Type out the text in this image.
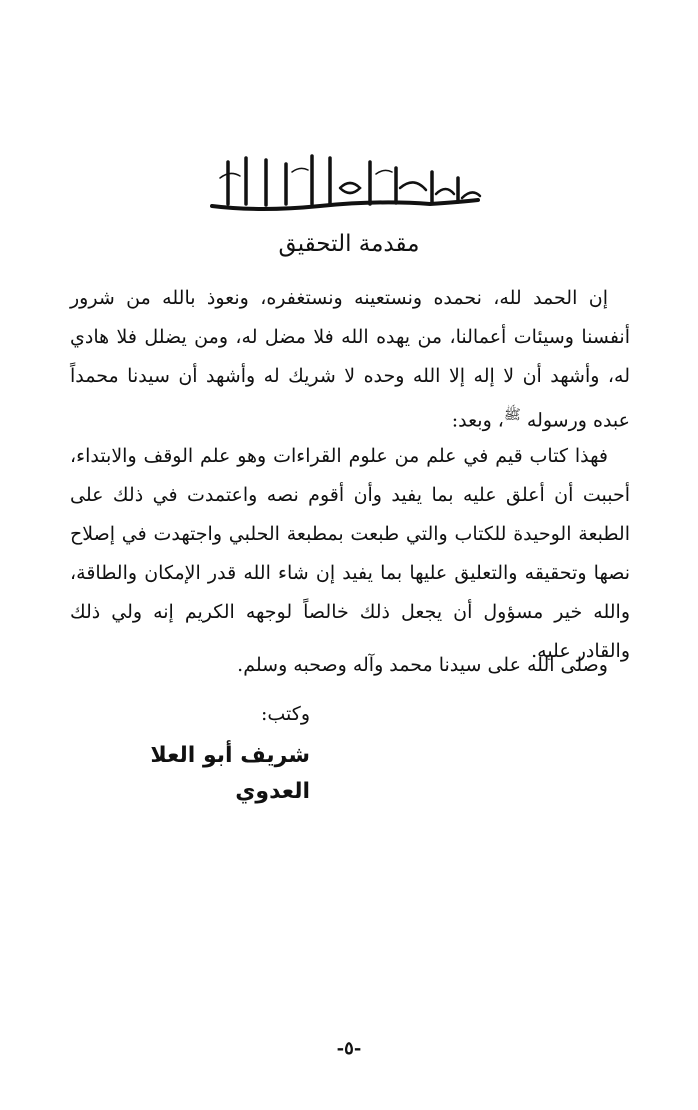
مقدمة التحقيق
إن الحمد لله، نحمده ونستعينه ونستغفره، ونعوذ بالله من شرور أنفسنا وسيئات أعمالنا، من يهده الله فلا مضل له، ومن يضلل فلا هادي له، وأشهد أن لا إله إلا الله وحده لا شريك له وأشهد أن سيدنا محمداً عبده ورسوله $^ﷺ$، وبعد:
فهذا كتاب قيم في علم من علوم القراءات وهو علم الوقف والابتداء، أحببت أن أعلق عليه بما يفيد وأن أقوم نصه واعتمدت في ذلك على الطبعة الوحيدة للكتاب والتي طبعت بمطبعة الحلبي واجتهدت في إصلاح نصها وتحقيقه والتعليق عليها بما يفيد إن شاء الله قدر الإمكان والطاقة، والله خير مسؤول أن يجعل ذلك خالصاً لوجهه الكريم إنه ولي ذلك والقادر عليه.
وصلى الله على سيدنا محمد وآله وصحبه وسلم.
وكتب:
شريف أبو العلا العدوي
-٥-
